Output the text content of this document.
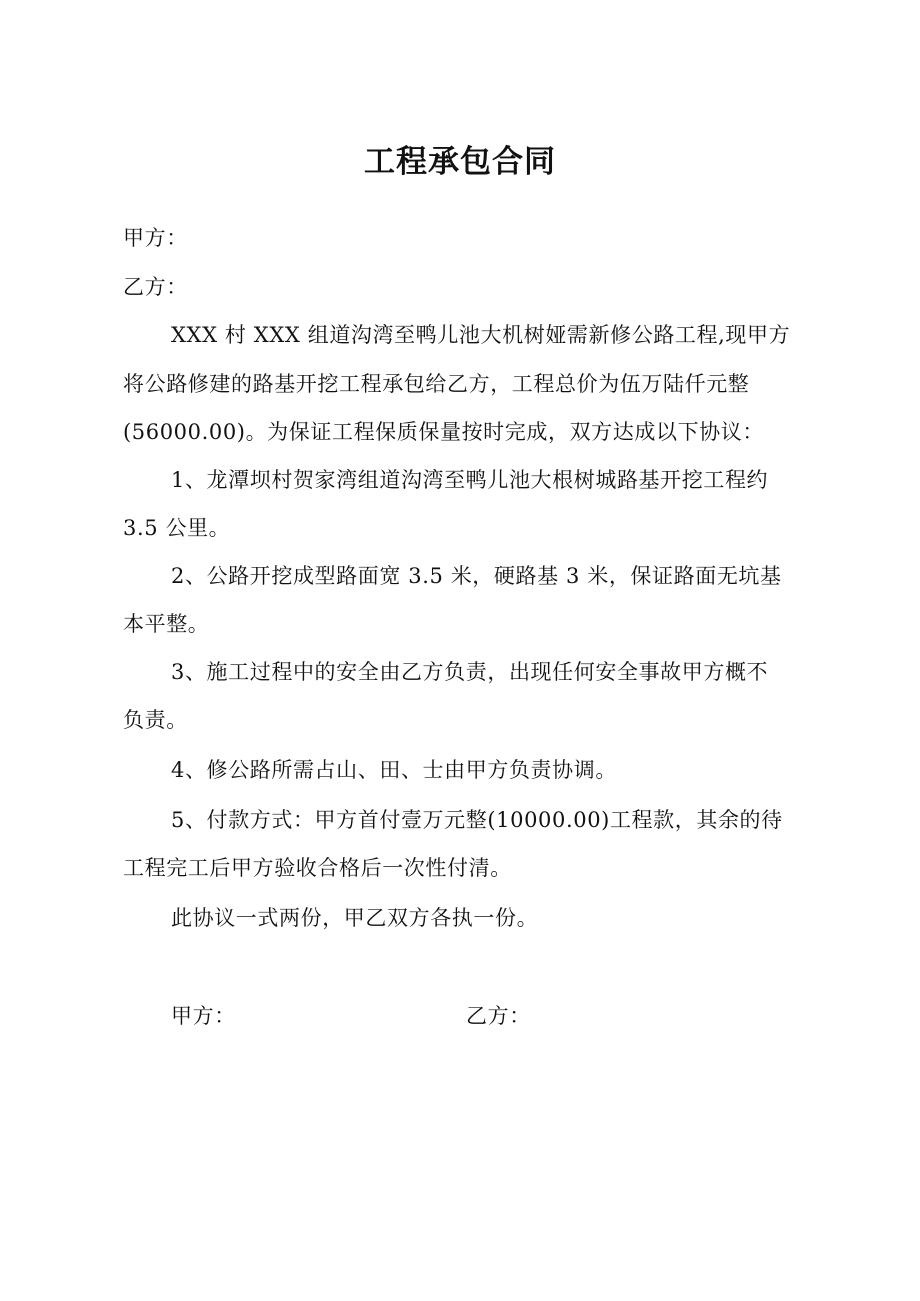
工程承包合同
甲方：
乙方：
XXX 村 XXX 组道沟湾至鸭儿池大机树娅需新修公路工程,现甲方
将公路修建的路基开挖工程承包给乙方，工程总价为伍万陆仟元整
(56000.00)。为保证工程保质保量按时完成，双方达成以下协议：
1、龙潭坝村贺家湾组道沟湾至鸭儿池大根树城路基开挖工程约
3.5 公里。
2、公路开挖成型路面宽 3.5 米，硬路基 3 米，保证路面无坑基
本平整。
3、施工过程中的安全由乙方负责，出现任何安全事故甲方概不
负责。
4、修公路所需占山、田、士由甲方负责协调。
5、付款方式：甲方首付壹万元整(10000.00)工程款，其余的待
工程完工后甲方验收合格后一次性付清。
此协议一式两份，甲乙双方各执一份。
甲方：	乙方：
